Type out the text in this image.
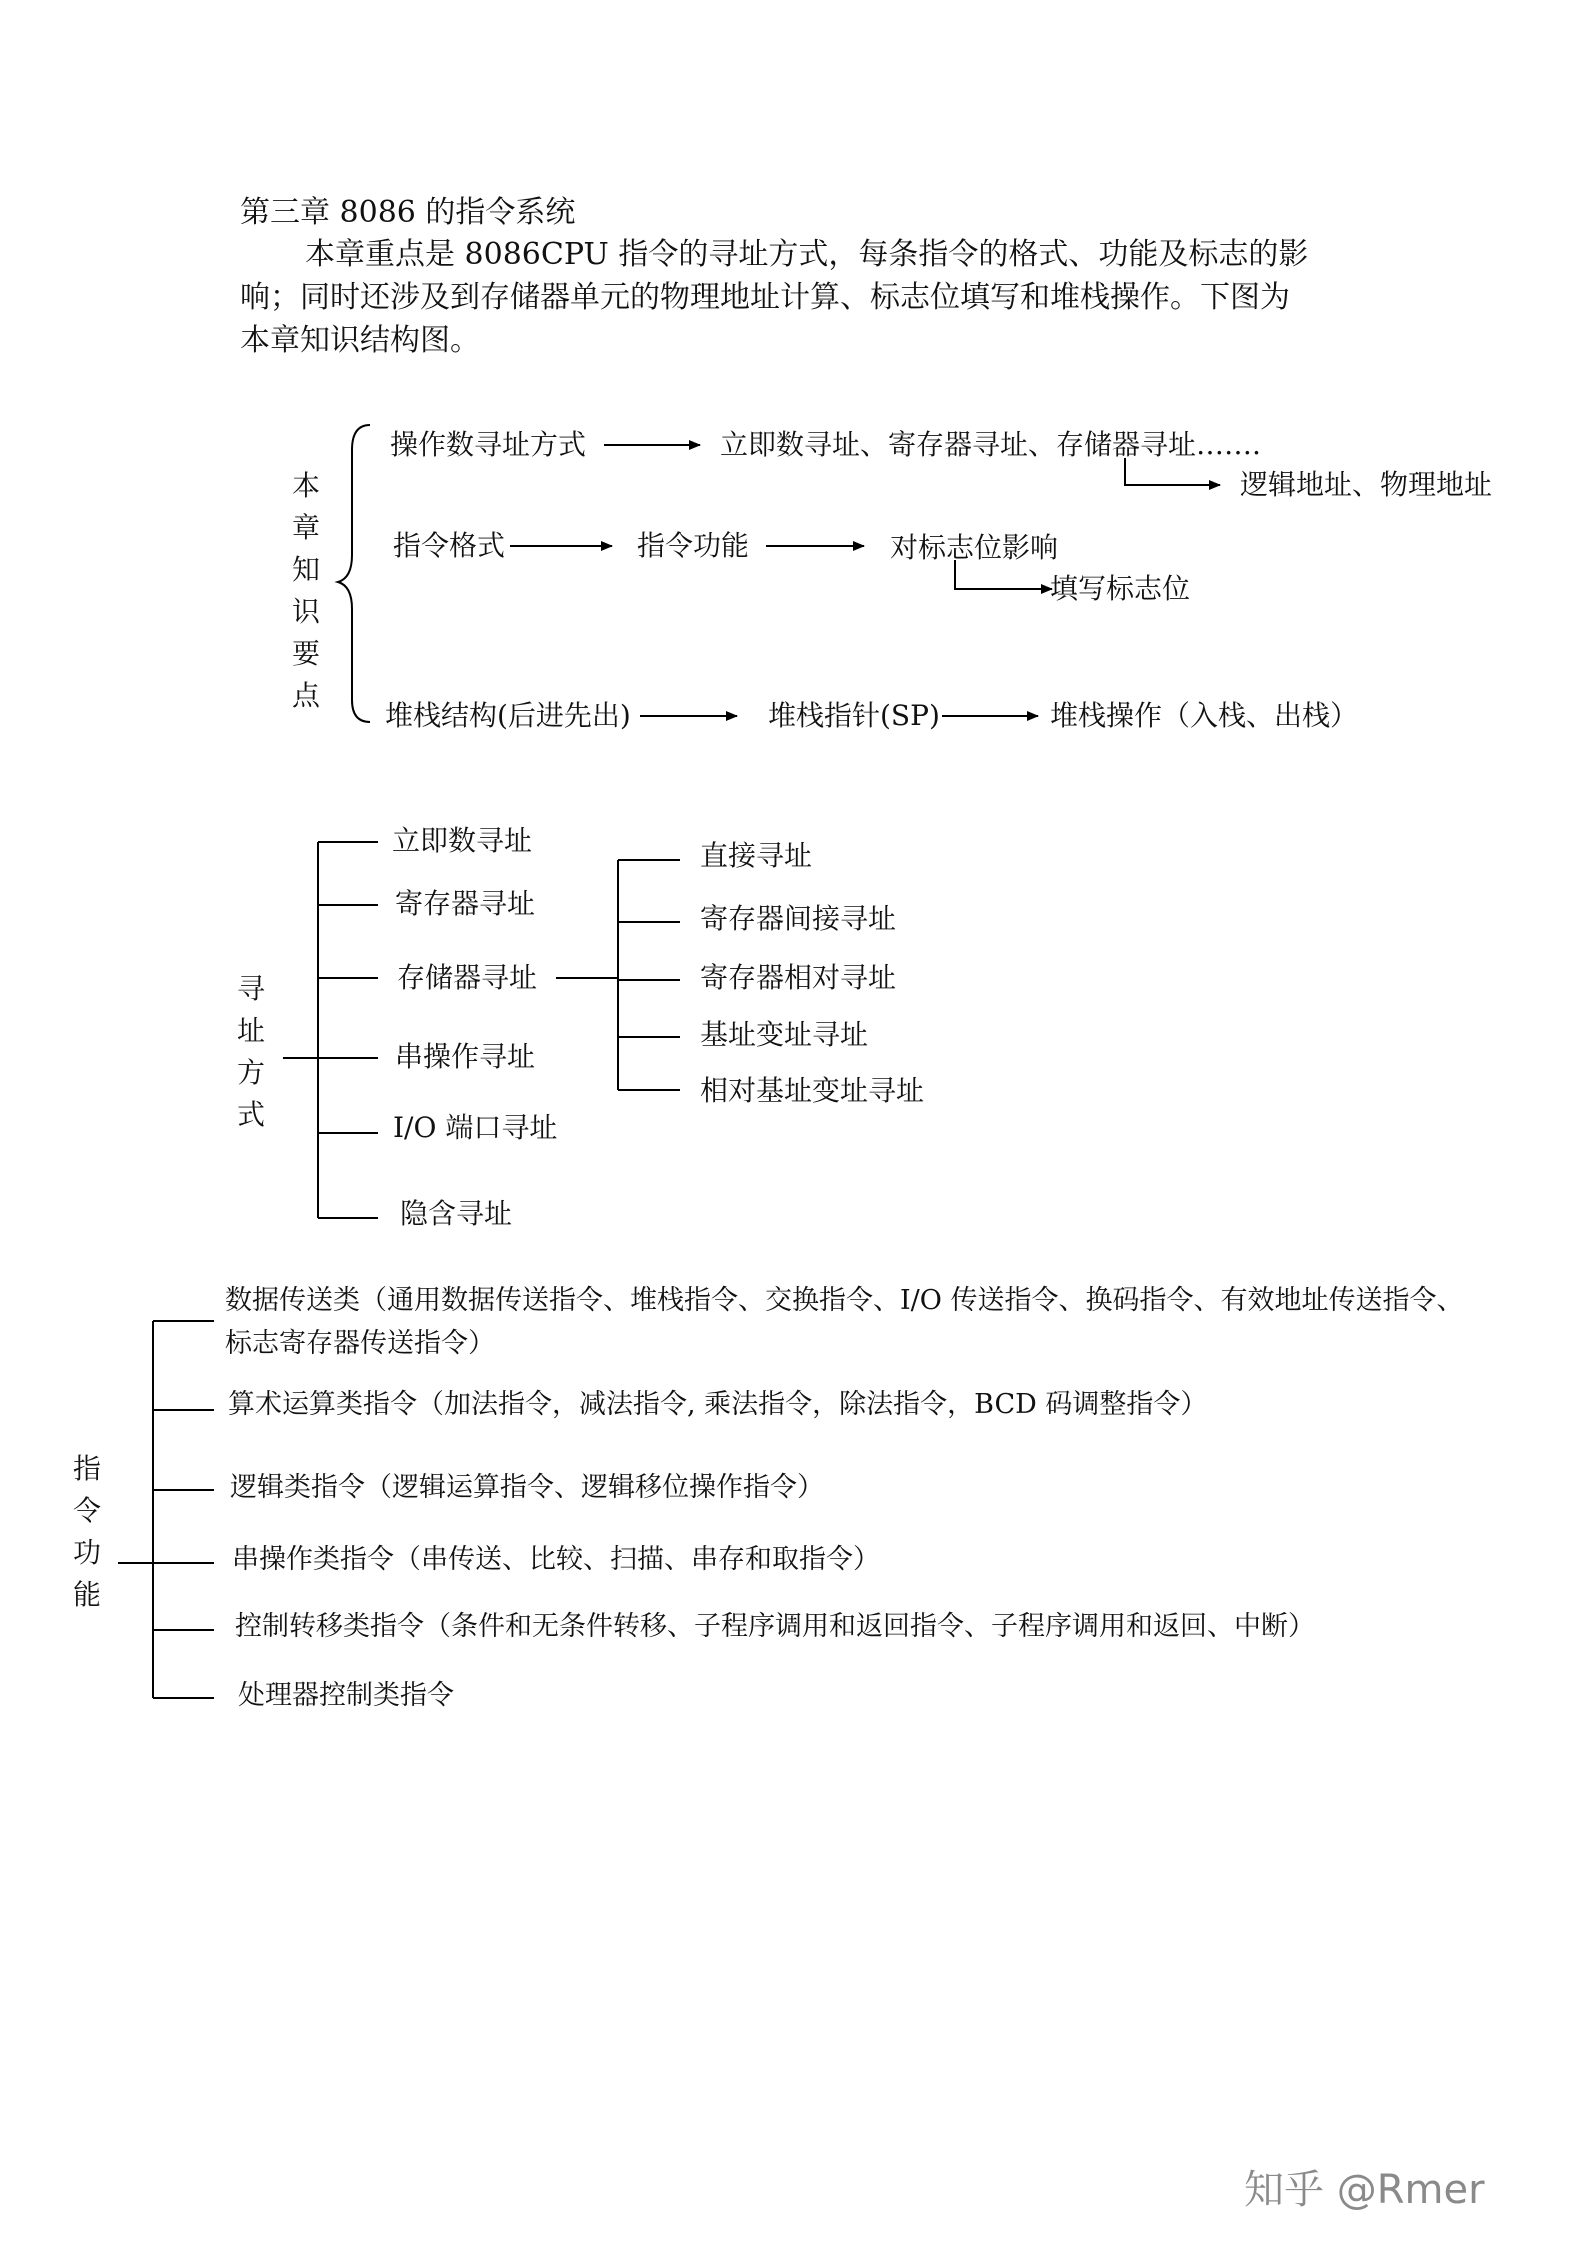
第三章 8086 的指令系统
本章重点是 8086CPU 指令的寻址方式，每条指令的格式、功能及标志的影
响；同时还涉及到存储器单元的物理地址计算、标志位填写和堆栈操作。下图为
本章知识结构图。
本
章
知
识
要
点
操作数寻址方式	立即数寻址、寄存器寻址、存储器寻址…….
逻辑地址、物理地址
指令格式	指令功能	对标志位影响
填写标志位
堆栈结构(后进先出)	堆栈指针(SP)	堆栈操作（入栈、出栈）
寻
址
方
式
立即数寻址
寄存器寻址
存储器寻址
串操作寻址
I/O 端口寻址
隐含寻址
直接寻址
寄存器间接寻址
寄存器相对寻址
基址变址寻址
相对基址变址寻址
指
令
功
能
数据传送类（通用数据传送指令、堆栈指令、交换指令、I/O 传送指令、换码指令、有效地址传送指令、
标志寄存器传送指令）
算术运算类指令（加法指令，减法指令, 乘法指令，除法指令，BCD 码调整指令）
逻辑类指令（逻辑运算指令、逻辑移位操作指令）
串操作类指令（串传送、比较、扫描、串存和取指令）
控制转移类指令（条件和无条件转移、子程序调用和返回指令、子程序调用和返回、中断）
处理器控制类指令
知乎 @Rmer
